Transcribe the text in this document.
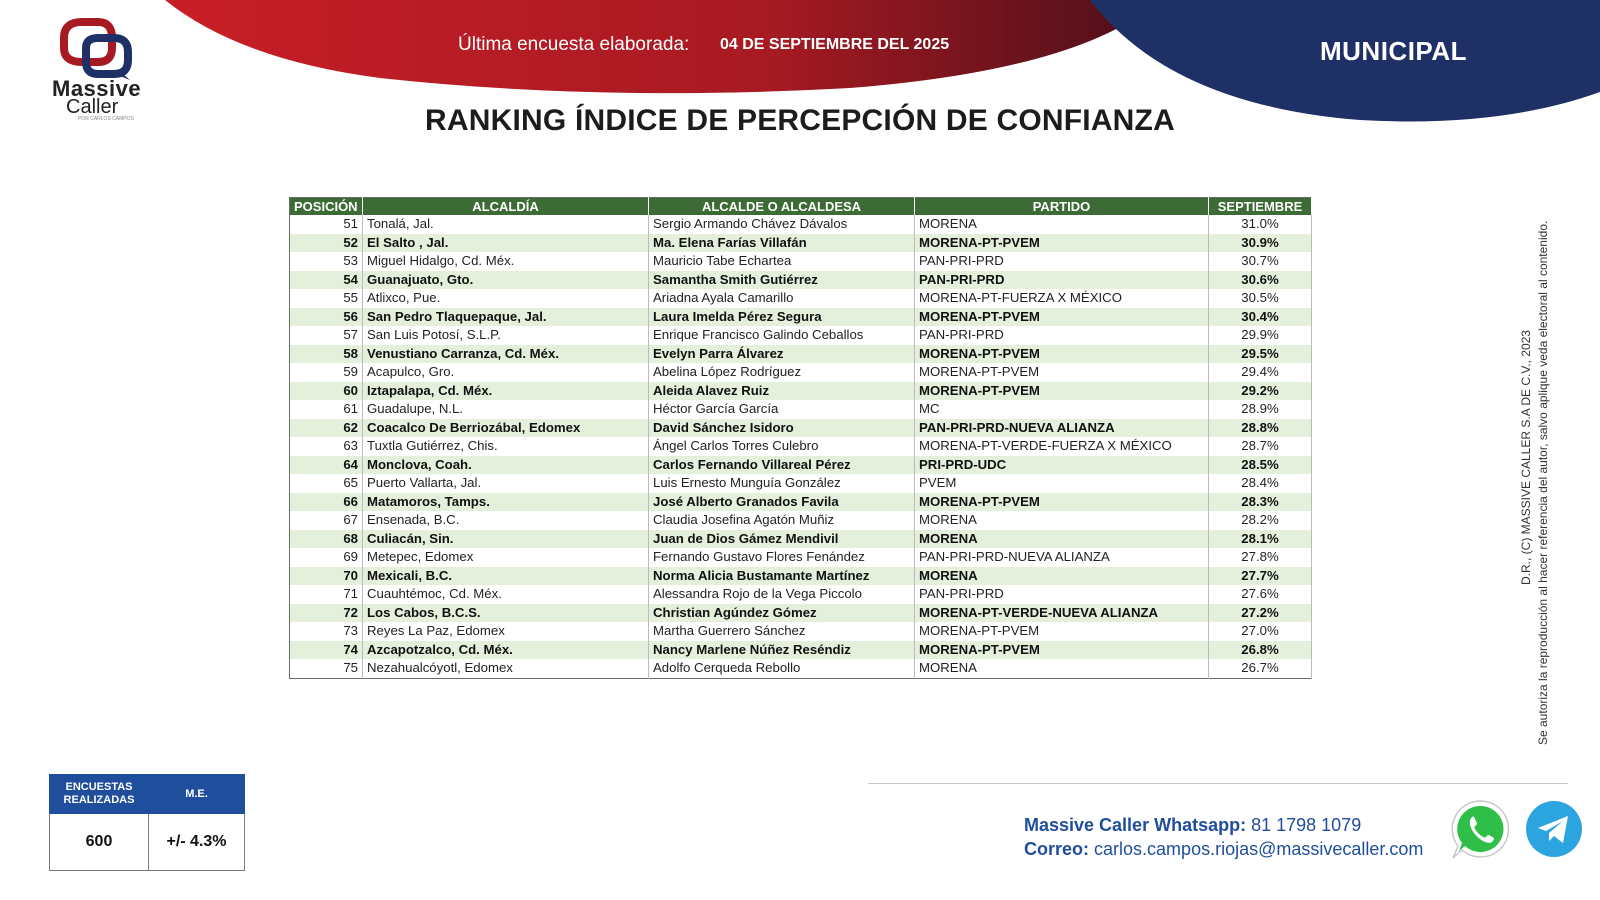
Massive
Caller
POR CARLOS CAMPOS
Última encuesta elaborada: 04 DE SEPTIEMBRE DEL 2025	MUNICIPAL
RANKING ÍNDICE DE PERCEPCIÓN DE CONFIANZA
POSICIÓN	ALCALDÍA	ALCALDE O ALCALDESA	PARTIDO	SEPTIEMBRE
51	Tonalá, Jal.	Sergio Armando Chávez Dávalos	MORENA	31.0%
52	El Salto , Jal.	Ma. Elena Farías Villafán	MORENA-PT-PVEM	30.9%
53	Miguel Hidalgo, Cd. Méx.	Mauricio Tabe Echartea	PAN-PRI-PRD	30.7%
54	Guanajuato, Gto.	Samantha Smith Gutiérrez	PAN-PRI-PRD	30.6%
55	Atlixco, Pue.	Ariadna Ayala Camarillo	MORENA-PT-FUERZA X MÉXICO	30.5%
56	San Pedro Tlaquepaque, Jal.	Laura Imelda Pérez Segura	MORENA-PT-PVEM	30.4%
57	San Luis Potosí, S.L.P.	Enrique Francisco Galindo Ceballos	PAN-PRI-PRD	29.9%
58	Venustiano Carranza, Cd. Méx.	Evelyn Parra Álvarez	MORENA-PT-PVEM	29.5%
59	Acapulco, Gro.	Abelina López Rodríguez	MORENA-PT-PVEM	29.4%
60	Iztapalapa, Cd. Méx.	Aleida Alavez Ruiz	MORENA-PT-PVEM	29.2%
61	Guadalupe, N.L.	Héctor García García	MC	28.9%
62	Coacalco De Berriozábal, Edomex	David Sánchez Isidoro	PAN-PRI-PRD-NUEVA ALIANZA	28.8%
63	Tuxtla Gutiérrez, Chis.	Ángel Carlos Torres Culebro	MORENA-PT-VERDE-FUERZA X MÉXICO	28.7%
64	Monclova, Coah.	Carlos Fernando Villareal Pérez	PRI-PRD-UDC	28.5%
65	Puerto Vallarta, Jal.	Luis Ernesto Munguía González	PVEM	28.4%
66	Matamoros, Tamps.	José Alberto Granados Favila	MORENA-PT-PVEM	28.3%
67	Ensenada, B.C.	Claudia Josefina Agatón Muñiz	MORENA	28.2%
68	Culiacán, Sin.	Juan de Dios Gámez Mendivil	MORENA	28.1%
69	Metepec, Edomex	Fernando Gustavo Flores Fenández	PAN-PRI-PRD-NUEVA ALIANZA	27.8%
70	Mexicali, B.C.	Norma Alicia Bustamante Martínez	MORENA	27.7%
71	Cuauhtémoc, Cd. Méx.	Alessandra Rojo de la Vega Piccolo	PAN-PRI-PRD	27.6%
72	Los Cabos, B.C.S.	Christian Agúndez Gómez	MORENA-PT-VERDE-NUEVA ALIANZA	27.2%
73	Reyes La Paz, Edomex	Martha Guerrero Sánchez	MORENA-PT-PVEM	27.0%
74	Azcapotzalco, Cd. Méx.	Nancy Marlene Núñez Reséndiz	MORENA-PT-PVEM	26.8%
75	Nezahualcóyotl, Edomex	Adolfo Cerqueda Rebollo	MORENA	26.7%
D.R., (C) MASSIVE CALLER S.A DE C.V., 2023 Se autoriza la reproducción al hacer referencia del autor, salvo aplique veda electoral al contenido.
ENCUESTAS REALIZADAS	M.E.
600	+/- 4.3%
Massive Caller Whatsapp: 81 1798 1079
Correo: carlos.campos.riojas@massivecaller.com
